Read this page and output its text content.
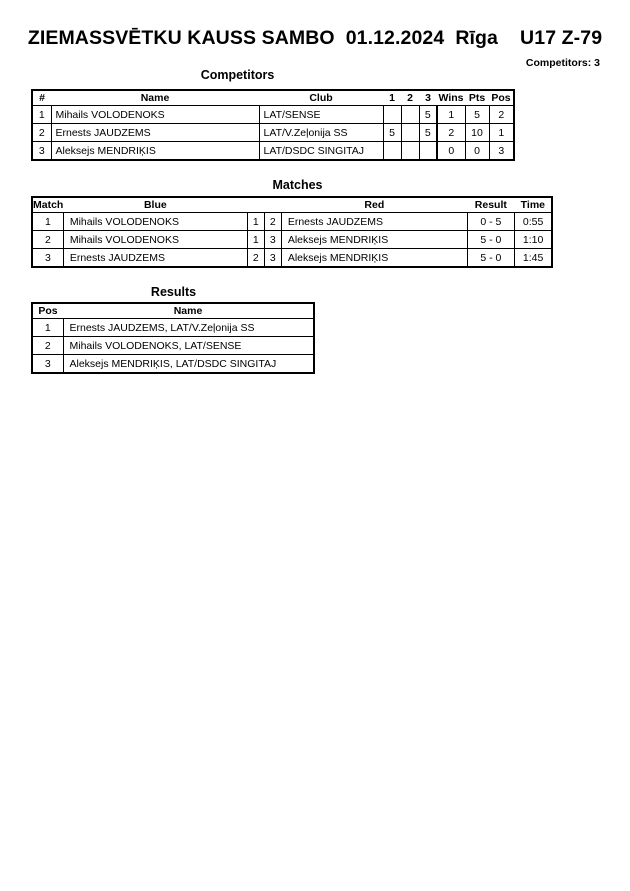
ZIEMASSVĒTKU KAUSS SAMBO  01.12.2024  Rīga    U17 Z-79
Competitors: 3
Competitors
#	Name	Club	1	2	3	Wins	Pts	Pos
1	Mihails VOLODENOKS	LAT/SENSE			5	1	5	2
2	Ernests JAUDZEMS	LAT/V.Zeļonija SS	5		5	2	10	1
3	Aleksejs MENDRIĶIS	LAT/DSDC SINGITAJ				0	0	3
Matches
Match	Blue			Red	Result	Time
1	Mihails VOLODENOKS	1	2	Ernests JAUDZEMS	0 - 5	0:55
2	Mihails VOLODENOKS	1	3	Aleksejs MENDRIĶIS	5 - 0	1:10
3	Ernests JAUDZEMS	2	3	Aleksejs MENDRIĶIS	5 - 0	1:45
Results
Pos	Name
1	Ernests JAUDZEMS, LAT/V.Zeļonija SS
2	Mihails VOLODENOKS, LAT/SENSE
3	Aleksejs MENDRIĶIS, LAT/DSDC SINGITAJ
